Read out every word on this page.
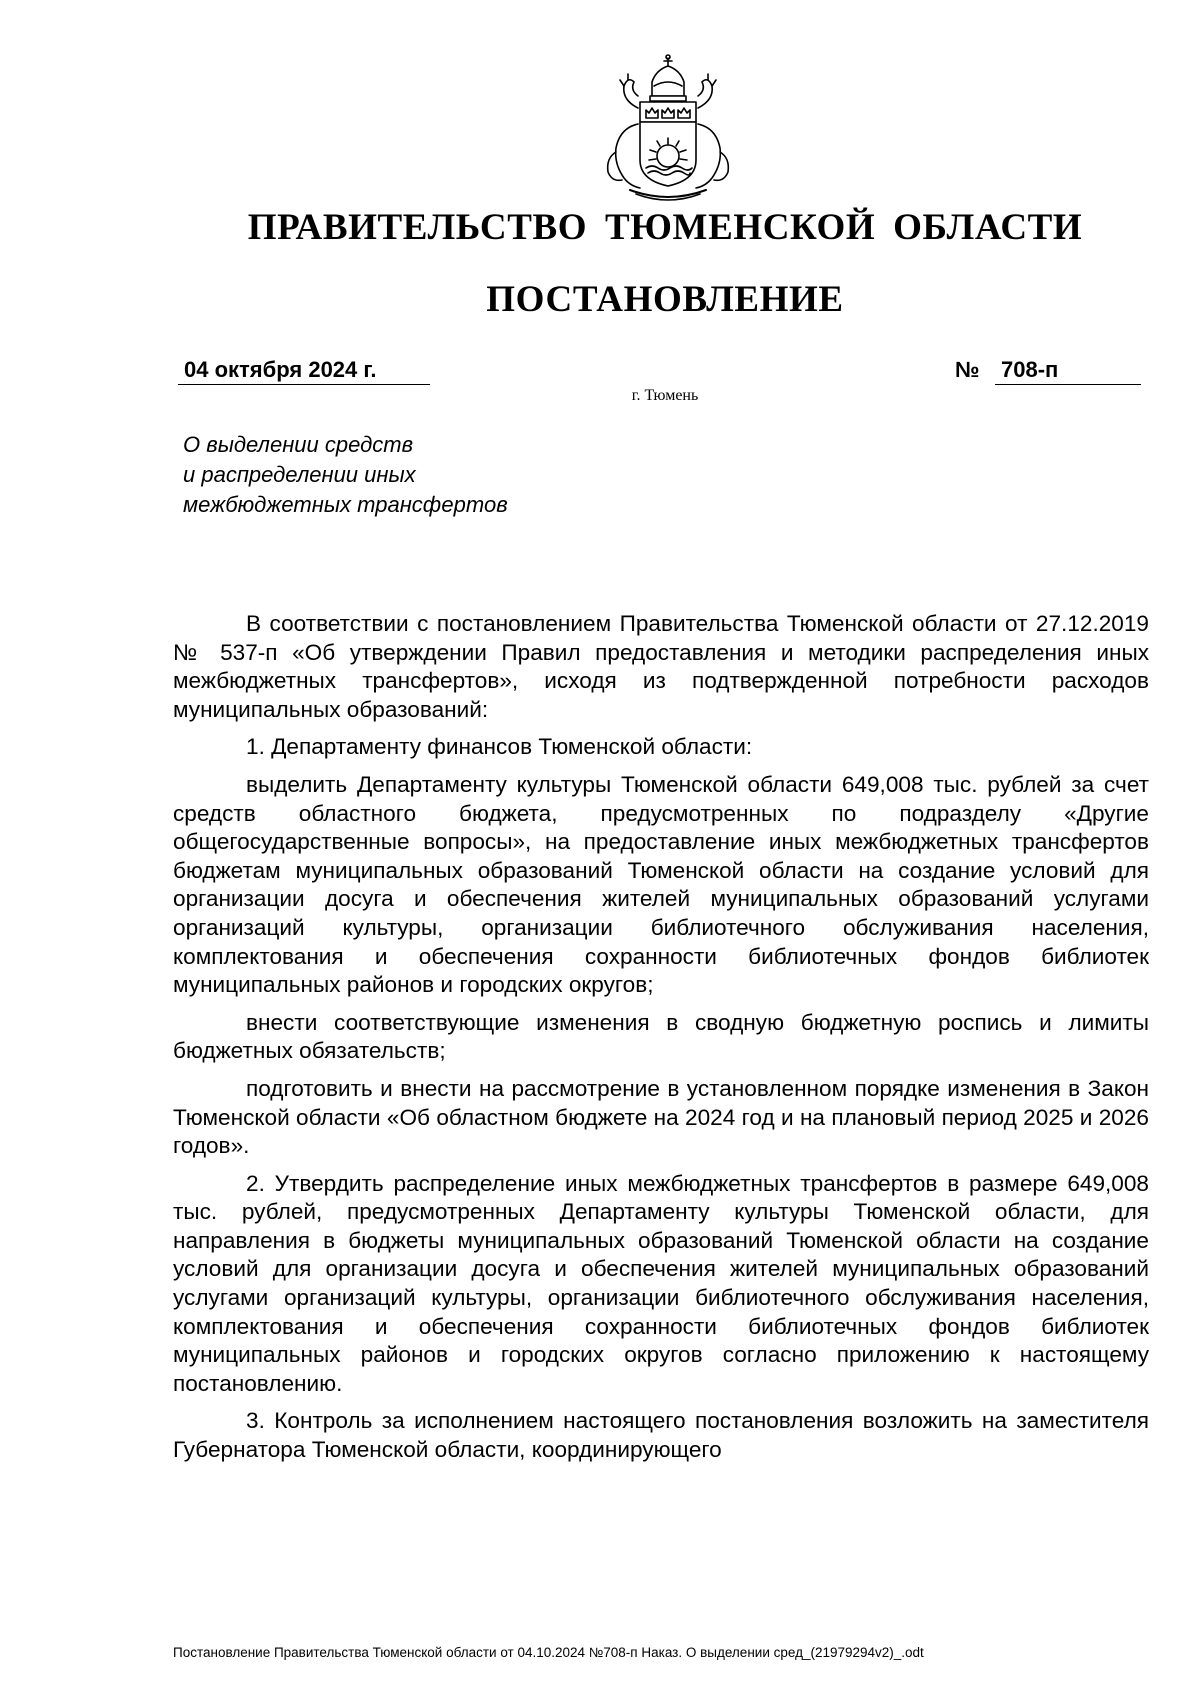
ПРАВИТЕЛЬСТВО ТЮМЕНСКОЙ ОБЛАСТИ
ПОСТАНОВЛЕНИЕ
04 октября 2024 г.	№ 708-п
г. Тюмень
О выделении средств
и распределении иных
межбюджетных трансфертов

В соответствии с постановлением Правительства Тюменской области от 27.12.2019 № 537-п «Об утверждении Правил предоставления и методики распределения иных межбюджетных трансфертов», исходя из подтвержденной потребности расходов муниципальных образований:

1. Департаменту финансов Тюменской области:

выделить Департаменту культуры Тюменской области 649,008 тыс. рублей за счет средств областного бюджета, предусмотренных по подразделу «Другие общегосударственные вопросы», на предоставление иных межбюджетных трансфертов бюджетам муниципальных образований Тюменской области на создание условий для организации досуга и обеспечения жителей муниципальных образований услугами организаций культуры, организации библиотечного обслуживания населения, комплектования и обеспечения сохранности библиотечных фондов библиотек муниципальных районов и городских округов;

внести соответствующие изменения в сводную бюджетную роспись и лимиты бюджетных обязательств;

подготовить и внести на рассмотрение в установленном порядке изменения в Закон Тюменской области «Об областном бюджете на 2024 год и на плановый период 2025 и 2026 годов».

2. Утвердить распределение иных межбюджетных трансфертов в размере 649,008 тыс. рублей, предусмотренных Департаменту культуры Тюменской области, для направления в бюджеты муниципальных образований Тюменской области на создание условий для организации досуга и обеспечения жителей муниципальных образований услугами организаций культуры, организации библиотечного обслуживания населения, комплектования и обеспечения сохранности библиотечных фондов библиотек муниципальных районов и городских округов согласно приложению к настоящему постановлению.

3. Контроль за исполнением настоящего постановления возложить на заместителя Губернатора Тюменской области, координирующего

Постановление Правительства Тюменской области от 04.10.2024 №708-п Наказ. О выделении сред_(21979294v2)_.odt
